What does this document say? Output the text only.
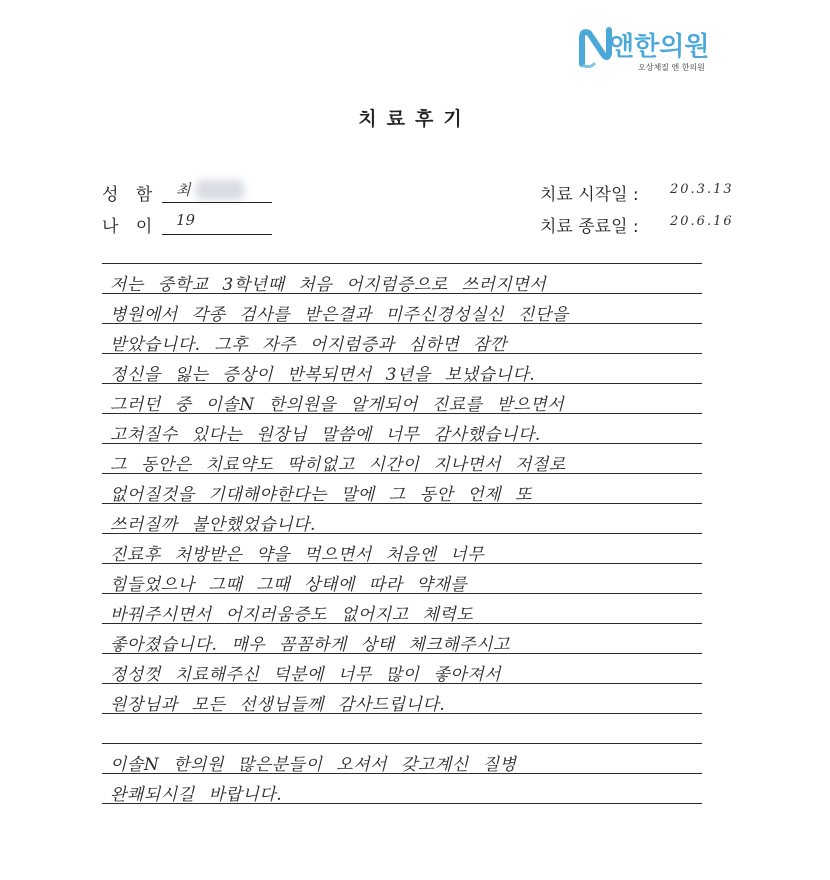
앤한의원
오상체질 엔 한의원
치료후기
성 함 최
나 이 19
치료 시작일 : 20.3.13
치료 종료일 : 20.6.16
저는 중학교 3학년때 처음 어지럼증으로 쓰러지면서
병원에서 각종 검사를 받은결과 미주신경성실신 진단을
받았습니다. 그후 자주 어지럼증과 심하면 잠깐
정신을 잃는 증상이 반복되면서 3년을 보냈습니다.
그러던 중 이솔N 한의원을 알게되어 진료를 받으면서
고쳐질수 있다는 원장님 말씀에 너무 감사했습니다.
그 동안은 치료약도 딱히없고 시간이 지나면서 저절로
없어질것을 기대해야한다는 말에 그 동안 언제 또
쓰러질까 불안했었습니다.
진료후 처방받은 약을 먹으면서 처음엔 너무
힘들었으나 그때 그때 상태에 따라 약재를
바꿔주시면서 어지러움증도 없어지고 체력도
좋아졌습니다. 매우 꼼꼼하게 상태 체크해주시고
정성껏 치료해주신 덕분에 너무 많이 좋아져서
원장님과 모든 선생님들께 감사드립니다.
이솔N 한의원 많은분들이 오셔서 갖고계신 질병
완쾌되시길 바랍니다.
